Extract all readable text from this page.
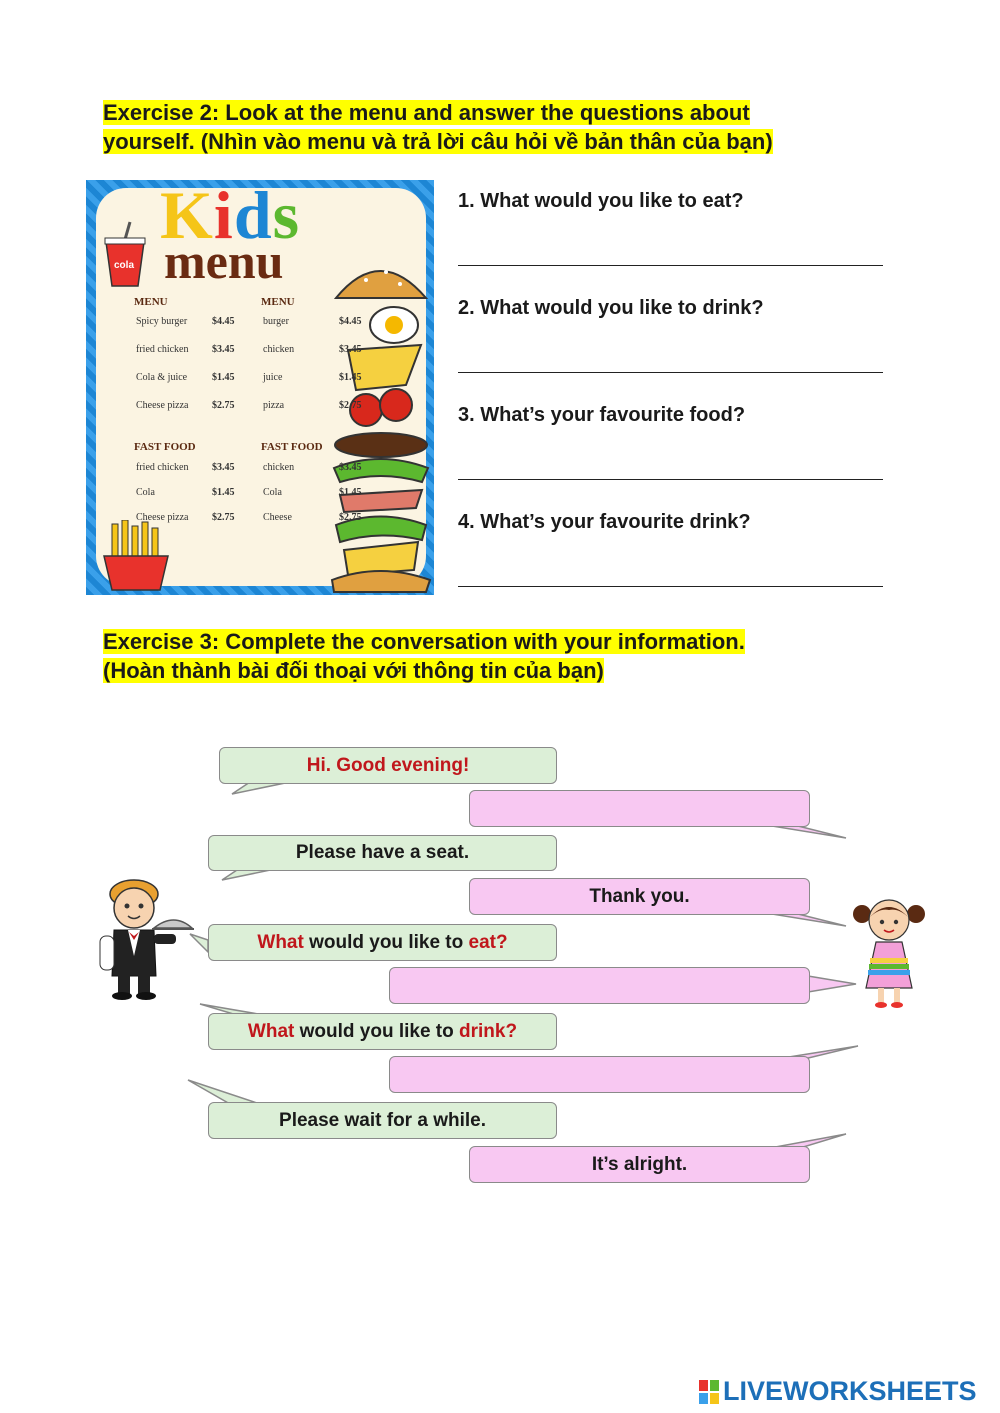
Exercise 2: Look at the menu and answer the questions about
yourself. (Nhìn vào menu và trả lời câu hỏi về bản thân của bạn)
Kids
menu
cola
MENU
Spicy burger $4.45
fried chicken $3.45
Cola & juice $1.45
Cheese pizza $2.75
MENU
burger	$4.45
chicken	$3.45
juice	$1.45
pizza	$2.75
FAST FOOD
fried chicken $3.45
Cola	$1.45
Cheese pizza $2.75
FAST FOOD
chicken	$3.45
Cola	$1.45
Cheese	$2.75
1. What would you like to eat?
2. What would you like to drink?
3. What’s your favourite food?
4. What’s your favourite drink?
Exercise 3: Complete the conversation with your information.
(Hoàn thành bài đối thoại với thông tin của bạn)
Hi. Good evening!
Please have a seat.
Thank you.
What would you like to eat?
What would you like to drink?
Please wait for a while.
It’s alright.
LIVEWORKSHEETS
